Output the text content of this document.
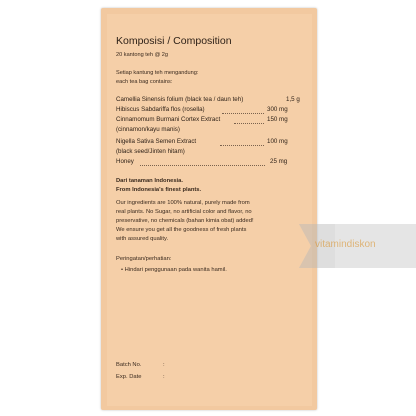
Komposisi / Composition
20 kantong teh @ 2g
Setiap kantung teh mengandung:
each tea bag contains:
Camellia Sinensis folium (black tea / daun teh)	1,5 g
Hibiscus Sabdariffa flos (rosella)	300 mg
Cinnamomum Burmani Cortex Extract	150 mg
(cinnamon/kayu manis)
Nigella Sativa Semen Extract	100 mg
(black seed/Jinten hitam)
Honey	25 mg
Dari tanaman Indonesia.
From Indonesia's finest plants.
Our ingredients are 100% natural, purely made from
real plants. No Sugar, no artificial color and flavor, no
preservative, no chemicals (bahan kimia obat) added!
We ensure you get all the goodness of fresh plants
with assured quality.	vitamindiskon
Peringatan/perhatian:
• Hindari penggunaan pada wanita hamil.
Batch No.	:
Exp. Date	:
